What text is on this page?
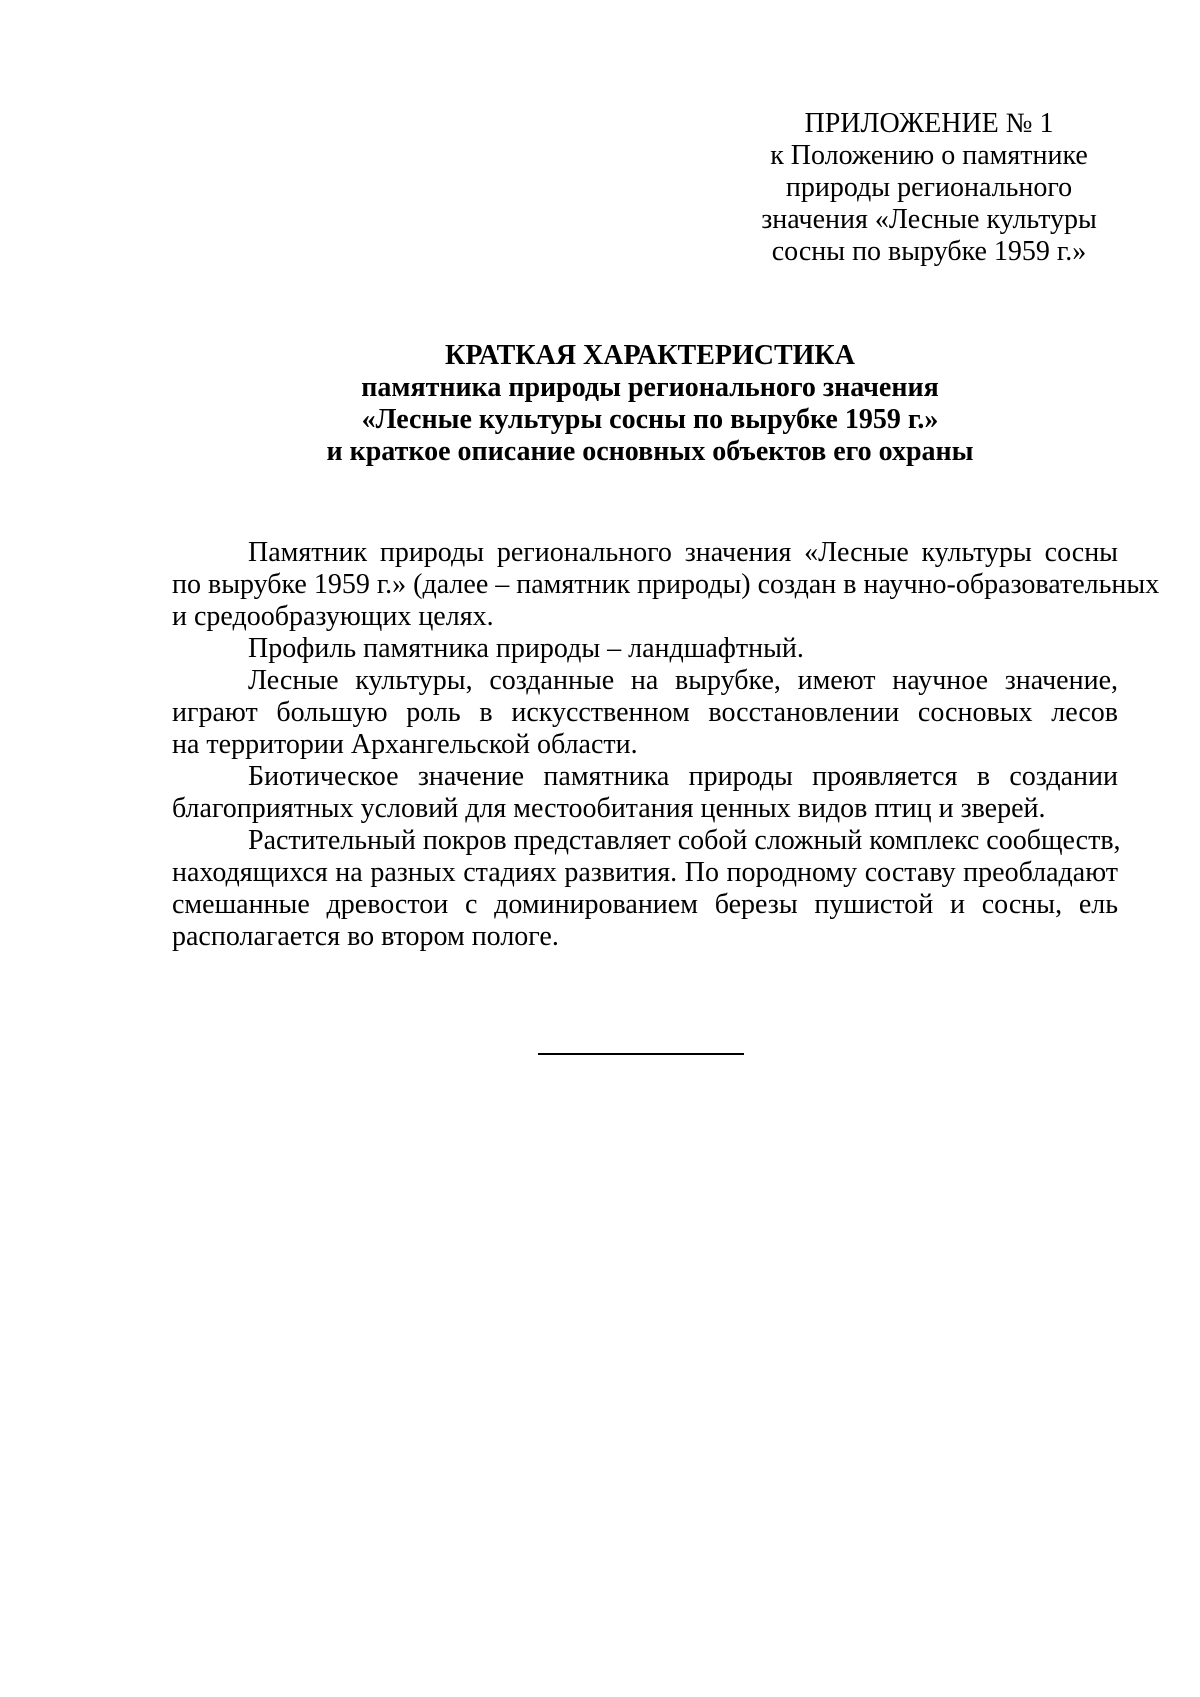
ПРИЛОЖЕНИЕ № 1
к Положению о памятнике
природы регионального
значения «Лесные культуры
сосны по вырубке 1959 г.»
КРАТКАЯ ХАРАКТЕРИСТИКА
памятника природы регионального значения
«Лесные культуры сосны по вырубке 1959 г.»
и краткое описание основных объектов его охраны

Памятник природы регионального значения «Лесные культуры сосны
по вырубке 1959 г.» (далее – памятник природы) создан в научно-образовательных
и средообразующих целях.

Профиль памятника природы – ландшафтный.

Лесные культуры, созданные на вырубке, имеют научное значение,
играют большую роль в искусственном восстановлении сосновых лесов
на территории Архангельской области.

Биотическое значение памятника природы проявляется в создании
благоприятных условий для местообитания ценных видов птиц и зверей.

Растительный покров представляет собой сложный комплекс сообществ,
находящихся на разных стадиях развития. По породному составу преобладают
смешанные древостои с доминированием березы пушистой и сосны, ель
располагается во втором пологе.
